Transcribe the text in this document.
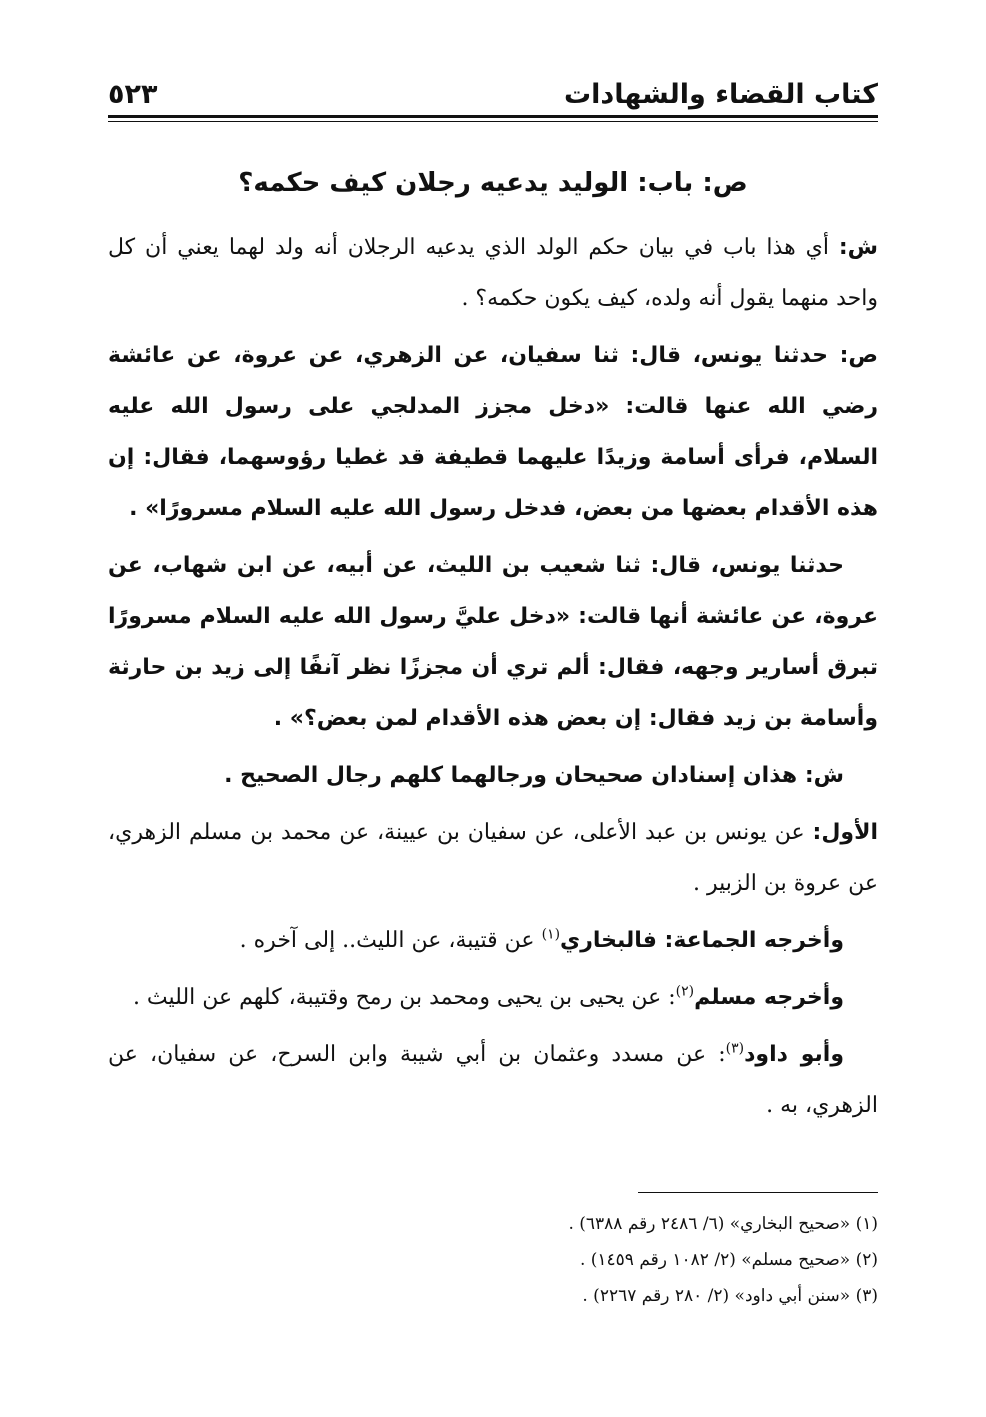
كتاب القضاء والشهادات
٥٢٣
ص: باب: الوليد يدعيه رجلان كيف حكمه؟

ش: أي هذا باب في بيان حكم الولد الذي يدعيه الرجلان أنه ولد لهما يعني أن كل واحد منهما يقول أنه ولده، كيف يكون حكمه؟ .

ص: حدثنا يونس، قال: ثنا سفيان، عن الزهري، عن عروة، عن عائشة رضي الله عنها قالت: «دخل مجزز المدلجي على رسول الله عليه السلام، فرأى أسامة وزيدًا عليهما قطيفة قد غطيا رؤوسهما، فقال: إن هذه الأقدام بعضها من بعض، فدخل رسول الله عليه السلام مسرورًا» .

حدثنا يونس، قال: ثنا شعيب بن الليث، عن أبيه، عن ابن شهاب، عن عروة، عن عائشة أنها قالت: «دخل عليَّ رسول الله عليه السلام مسرورًا تبرق أسارير وجهه، فقال: ألم تري أن مجززًا نظر آنفًا إلى زيد بن حارثة وأسامة بن زيد فقال: إن بعض هذه الأقدام لمن بعض؟» .

ش: هذان إسنادان صحيحان ورجالهما كلهم رجال الصحيح .

الأول: عن يونس بن عبد الأعلى، عن سفيان بن عيينة، عن محمد بن مسلم الزهري، عن عروة بن الزبير .

وأخرجه الجماعة: فالبخاري$^{(١)}$ عن قتيبة، عن الليث.. إلى آخره .

وأخرجه مسلم$^{(٢)}$: عن يحيى بن يحيى ومحمد بن رمح وقتيبة، كلهم عن الليث .

وأبو داود$^{(٣)}$: عن مسدد وعثمان بن أبي شيبة وابن السرح، عن سفيان، عن الزهري، به .

(١) «صحيح البخاري» (٦/ ٢٤٨٦ رقم ٦٣٨٨) .

(٢) «صحيح مسلم» (٢/ ١٠٨٢ رقم ١٤٥٩) .

(٣) «سنن أبي داود» (٢/ ٢٨٠ رقم ٢٢٦٧) .
